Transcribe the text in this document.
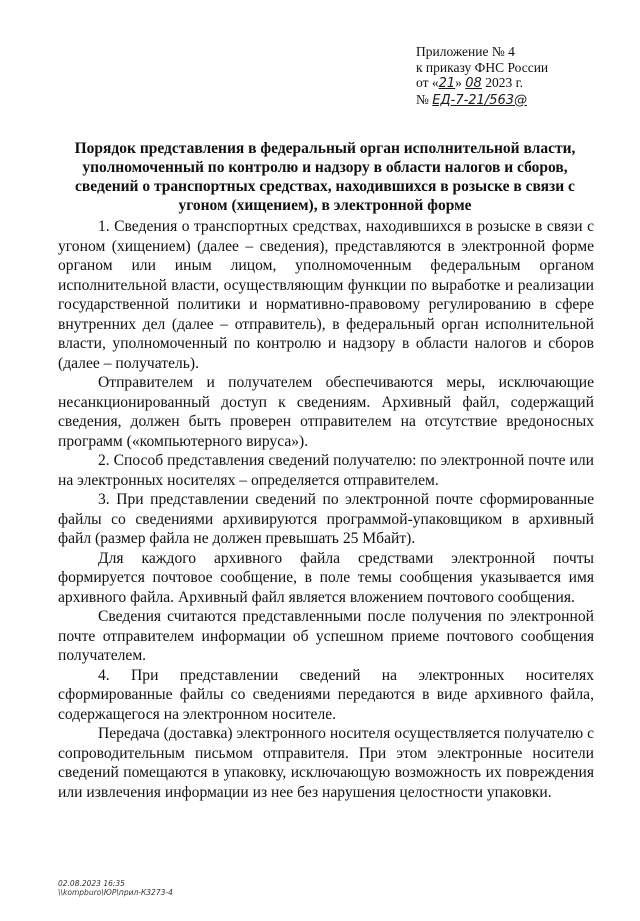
Приложение № 4
к приказу ФНС России
от «21» 08 2023 г.
№ ЕД-7-21/563@
Порядок представления в федеральный орган исполнительной власти, уполномоченный по контролю и надзору в области налогов и сборов, сведений о транспортных средствах, находившихся в розыске в связи с угоном (хищением), в электронной форме

1. Сведения о транспортных средствах, находившихся в розыске в связи с угоном (хищением) (далее – сведения), представляются в электронной форме органом или иным лицом, уполномоченным федеральным органом исполнительной власти, осуществляющим функции по выработке и реализации государственной политики и нормативно-правовому регулированию в сфере внутренних дел (далее – отправитель), в федеральный орган исполнительной власти, уполномоченный по контролю и надзору в области налогов и сборов (далее – получатель).

Отправителем и получателем обеспечиваются меры, исключающие несанкционированный доступ к сведениям. Архивный файл, содержащий сведения, должен быть проверен отправителем на отсутствие вредоносных программ («компьютерного вируса»).

2. Способ представления сведений получателю: по электронной почте или на электронных носителях – определяется отправителем.

3. При представлении сведений по электронной почте сформированные файлы со сведениями архивируются программой-упаковщиком в архивный файл (размер файла не должен превышать 25 Мбайт).

Для каждого архивного файла средствами электронной почты формируется почтовое сообщение, в поле темы сообщения указывается имя архивного файла. Архивный файл является вложением почтового сообщения.

Сведения считаются представленными после получения по электронной почте отправителем информации об успешном приеме почтового сообщения получателем.

4. При представлении сведений на электронных носителях сформированные файлы со сведениями передаются в виде архивного файла, содержащегося на электронном носителе.

Передача (доставка) электронного носителя осуществляется получателю с сопроводительным письмом отправителя. При этом электронные носители сведений помещаются в упаковку, исключающую возможность их повреждения или извлечения информации из нее без нарушения целостности упаковки.

02.08.2023 16:35
\\kompburo\ЮР\прил-К3273-4
